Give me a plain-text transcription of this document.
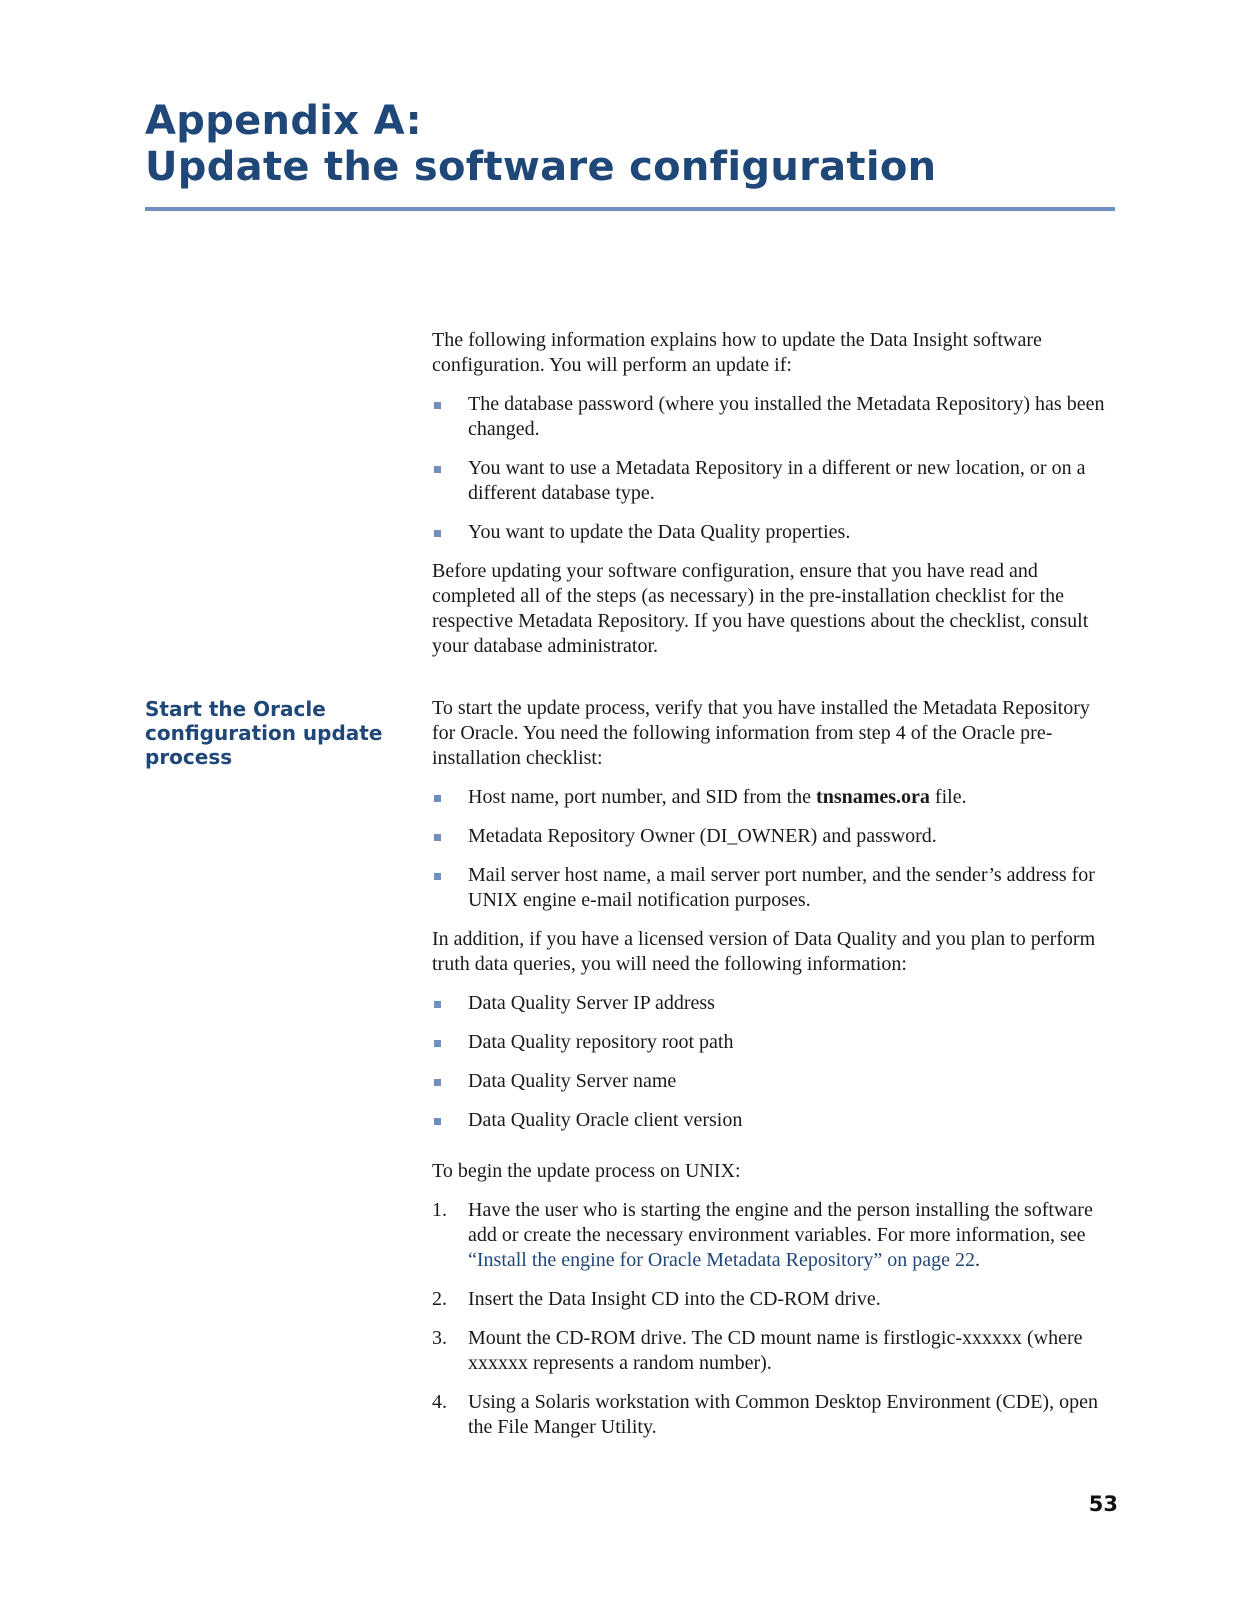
Appendix A:
Update the software configuration

The following information explains how to update the Data Insight software configuration. You will perform an update if:

The database password (where you installed the Metadata Repository) has been changed.
You want to use a Metadata Repository in a different or new location, or on a different database type.
You want to update the Data Quality properties.

Before updating your software configuration, ensure that you have read and completed all of the steps (as necessary) in the pre-installation checklist for the respective Metadata Repository. If you have questions about the checklist, consult your database administrator.

Start the Oracle configuration update process

To start the update process, verify that you have installed the Metadata Repository for Oracle. You need the following information from step 4 of the Oracle pre-installation checklist:

Host name, port number, and SID from the tnsnames.ora file.
Metadata Repository Owner (DI_OWNER) and password.
Mail server host name, a mail server port number, and the sender’s address for UNIX engine e-mail notification purposes.

In addition, if you have a licensed version of Data Quality and you plan to perform truth data queries, you will need the following information:

Data Quality Server IP address
Data Quality repository root path
Data Quality Server name
Data Quality Oracle client version

To begin the update process on UNIX:

1. Have the user who is starting the engine and the person installing the software add or create the necessary environment variables. For more information, see “Install the engine for Oracle Metadata Repository” on page 22.
2. Insert the Data Insight CD into the CD-ROM drive.
3. Mount the CD-ROM drive. The CD mount name is firstlogic-xxxxxx (where xxxxxx represents a random number).
4. Using a Solaris workstation with Common Desktop Environment (CDE), open the File Manger Utility.
53
